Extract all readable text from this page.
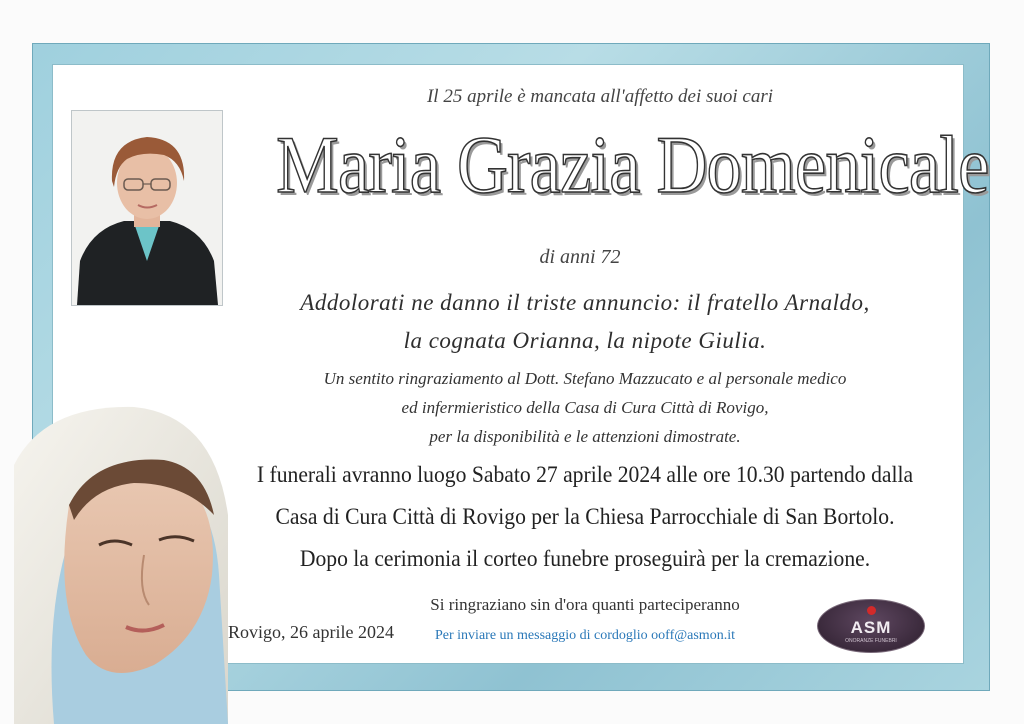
Il 25 aprile è mancata all'affetto dei suoi cari
Maria Grazia Domenicale
di anni 72
Addolorati ne danno il triste annuncio: il fratello Arnaldo,
la cognata Orianna, la nipote Giulia.
Un sentito ringraziamento al Dott. Stefano Mazzucato e al personale medico
ed infermieristico della Casa di Cura Città di Rovigo,
per la disponibilità e le attenzioni dimostrate.
I funerali avranno luogo Sabato 27 aprile 2024 alle ore 10.30 partendo dalla
Casa di Cura Città di Rovigo per la Chiesa Parrocchiale di San Bortolo.
Dopo la cerimonia il corteo funebre proseguirà per la cremazione.
Si ringraziano sin d'ora quanti parteciperanno
Rovigo, 26 aprile 2024	Per inviare un messaggio di cordoglio ooff@asmon.it	ASM
ONORANZE FUNEBRI
